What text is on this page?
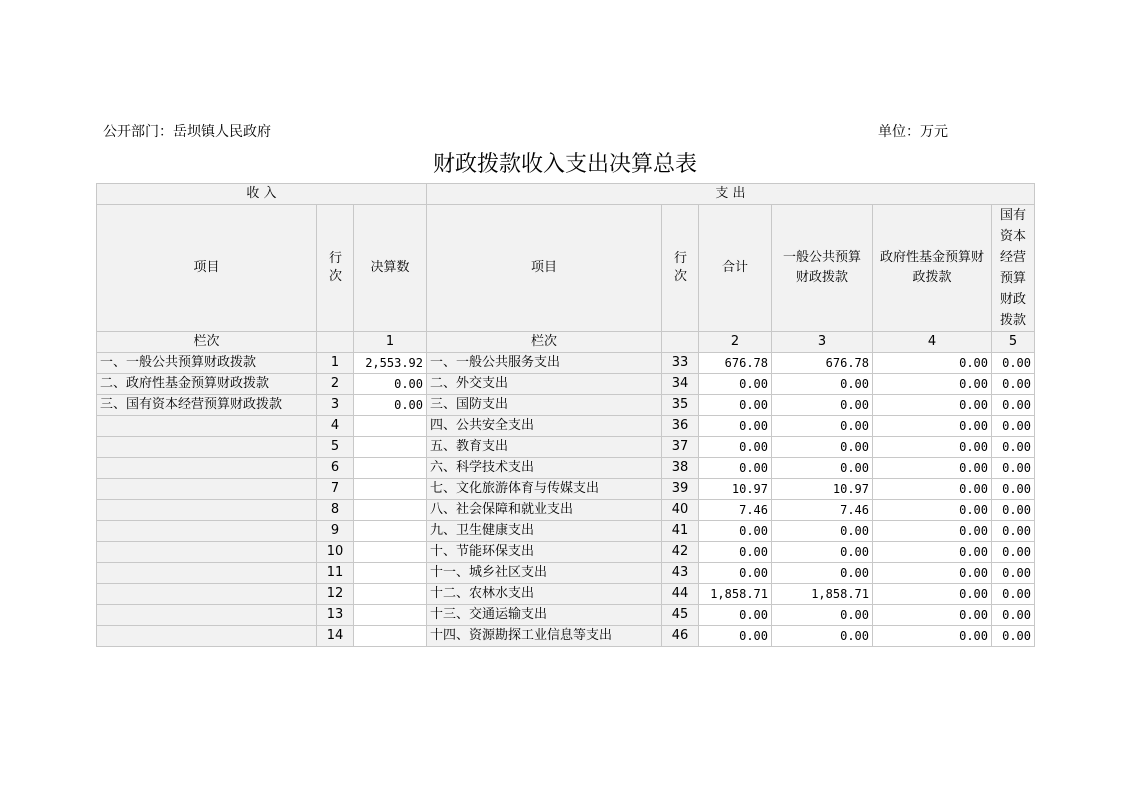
公开部门：岳坝镇人民政府	单位：万元
财政拨款收入支出决算总表
收 入			支 出					
项目	行次	决算数	项目	行次	合计	一般公共预算财政拨款	政府性基金预算财政拨款	国有资本经营预算财政拨款
栏次		1	栏次		2	3	4	5
一、一般公共预算财政拨款	1	2,553.92	一、一般公共服务支出	33	676.78	676.78	0.00	0.00
二、政府性基金预算财政拨款	2	0.00	二、外交支出	34	0.00	0.00	0.00	0.00
三、国有资本经营预算财政拨款	3	0.00	三、国防支出	35	0.00	0.00	0.00	0.00
	4		四、公共安全支出	36	0.00	0.00	0.00	0.00
	5		五、教育支出	37	0.00	0.00	0.00	0.00
	6		六、科学技术支出	38	0.00	0.00	0.00	0.00
	7		七、文化旅游体育与传媒支出	39	10.97	10.97	0.00	0.00
	8		八、社会保障和就业支出	40	7.46	7.46	0.00	0.00
	9		九、卫生健康支出	41	0.00	0.00	0.00	0.00
	10		十、节能环保支出	42	0.00	0.00	0.00	0.00
	11		十一、城乡社区支出	43	0.00	0.00	0.00	0.00
	12		十二、农林水支出	44	1,858.71	1,858.71	0.00	0.00
	13		十三、交通运输支出	45	0.00	0.00	0.00	0.00
	14		十四、资源勘探工业信息等支出	46	0.00	0.00	0.00	0.00
